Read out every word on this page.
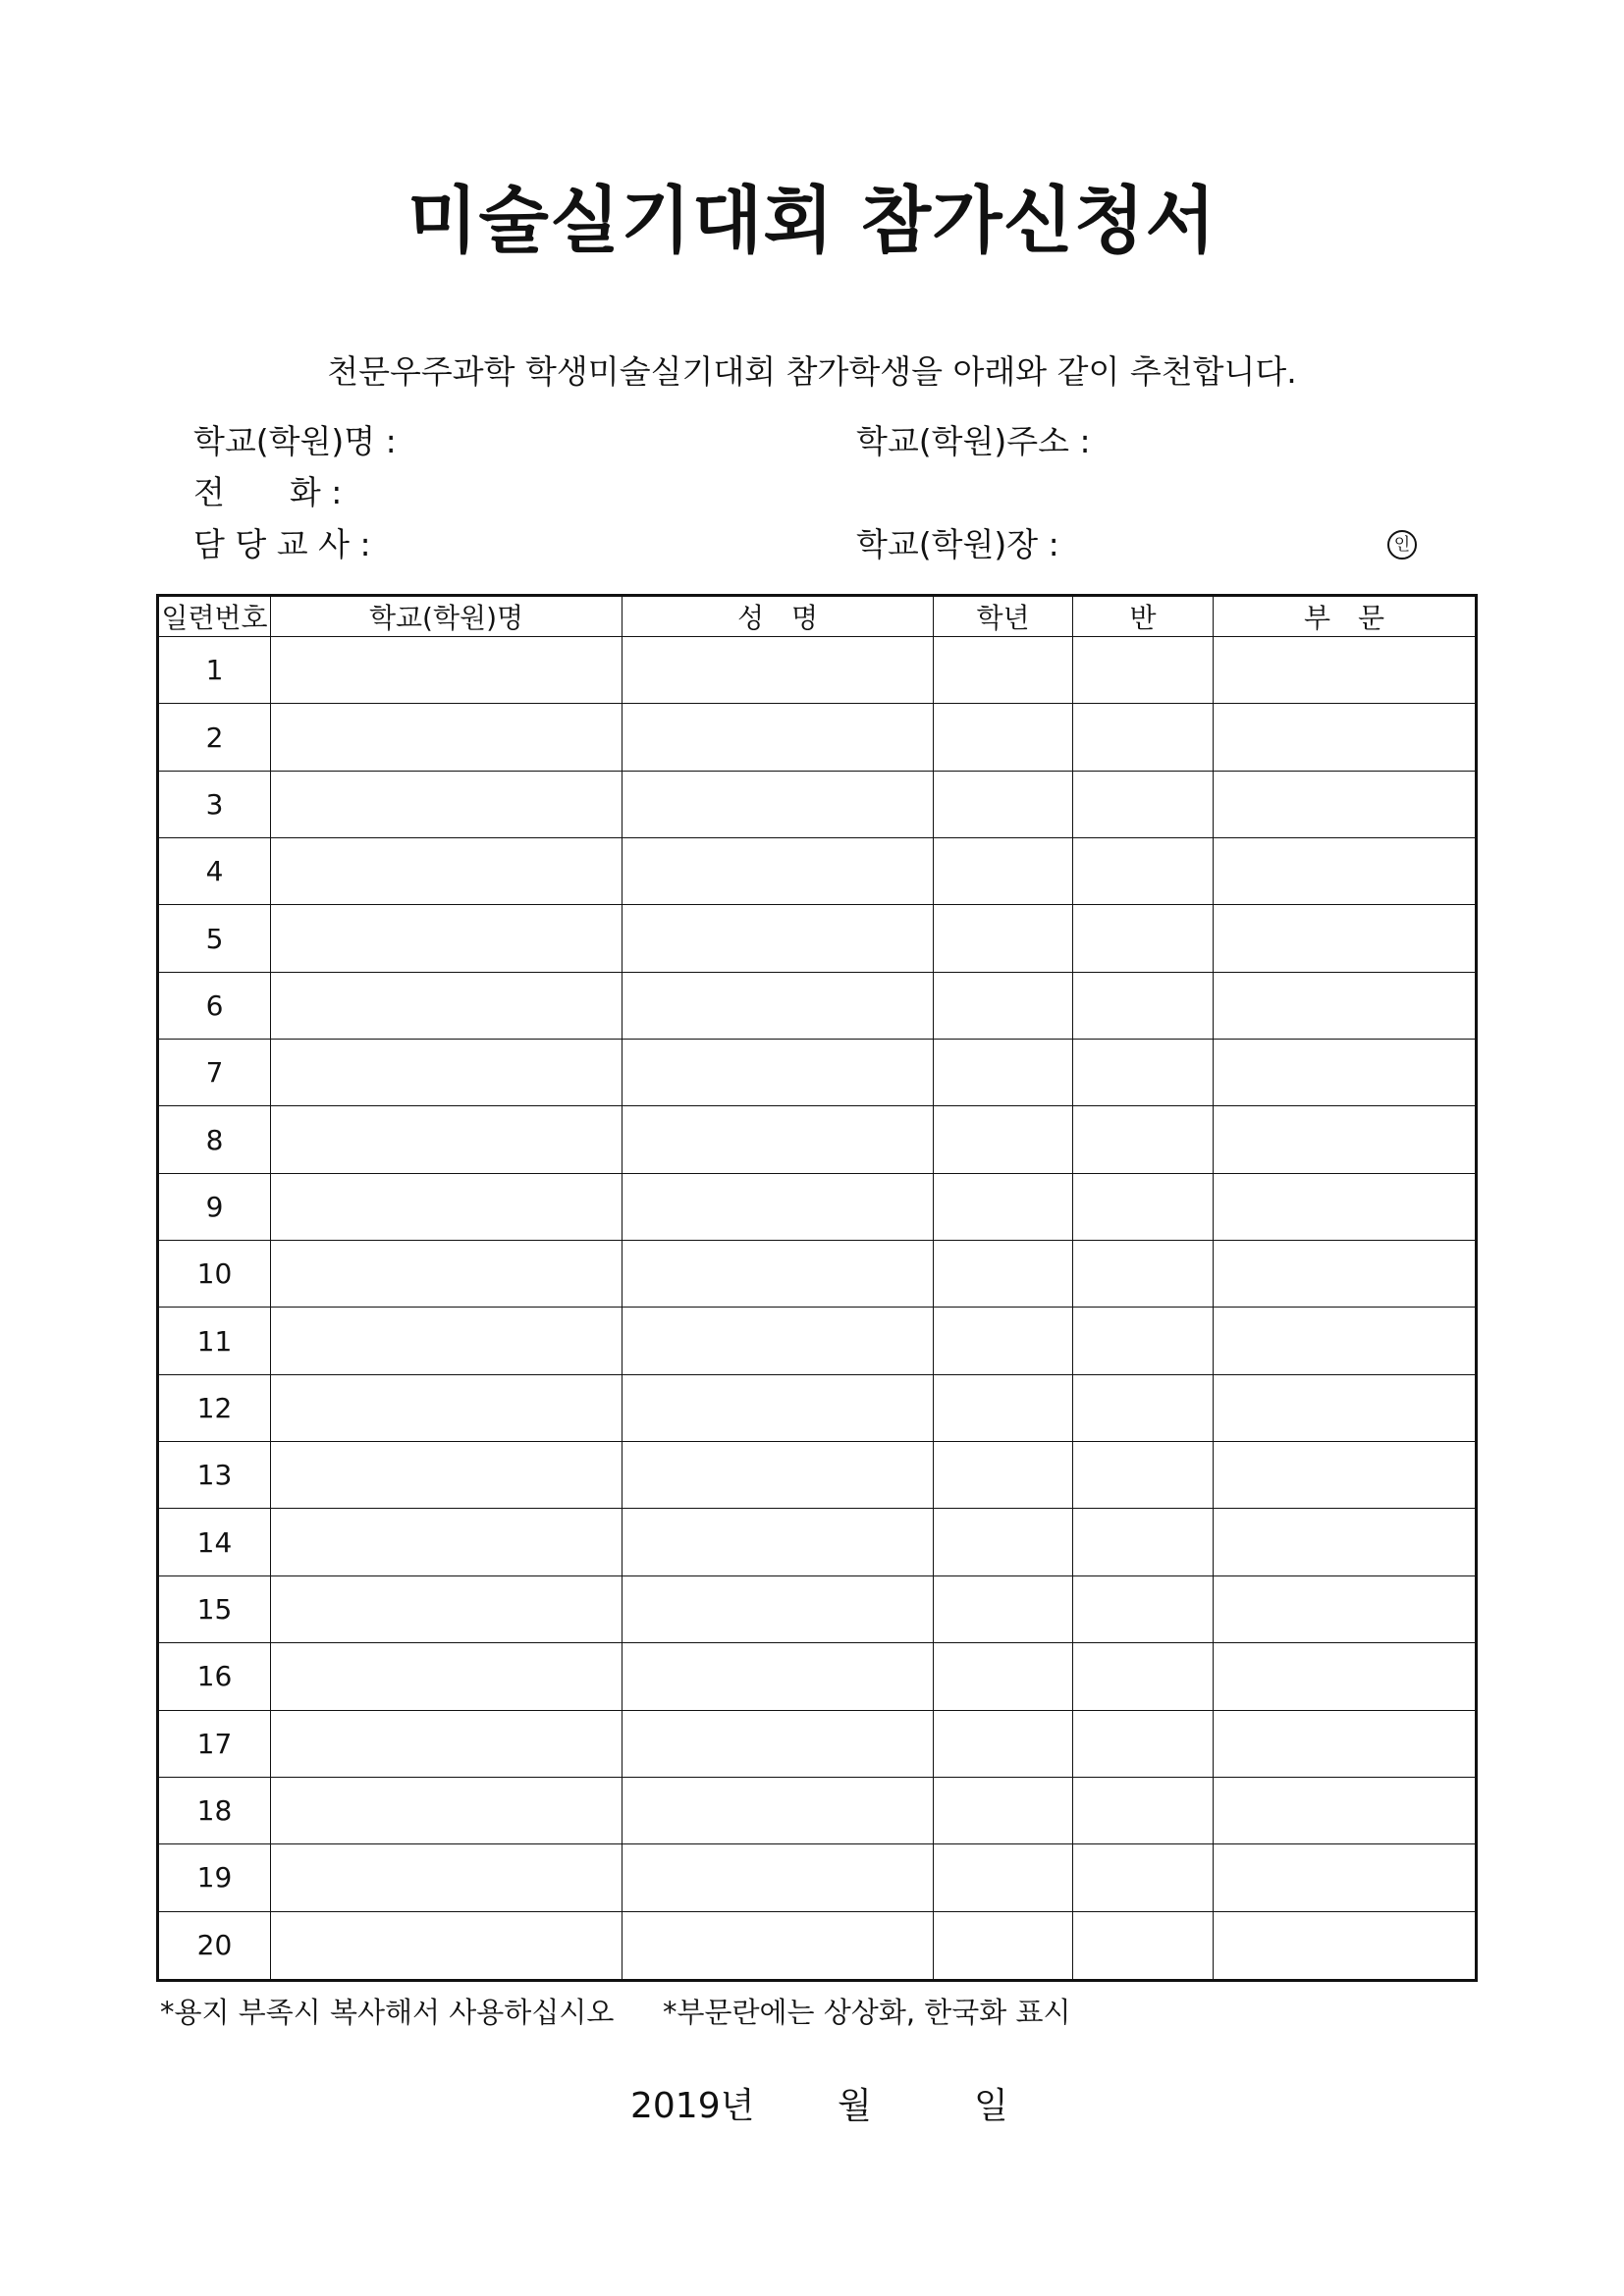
미술실기대회 참가신청서
천문우주과학 학생미술실기대회 참가학생을 아래와 같이 추천합니다.
학교(학원)명 :	학교(학원)주소 :
전　　화 :
담 당 교 사 :	학교(학원)장 :	인
일련번호	학교(학원)명	성　명	학년	반	부　문
1					
2					
3					
4					
5					
6					
7					
8					
9					
10					
11					
12					
13					
14					
15					
16					
17					
18					
19					
20					
*용지 부족시 복사해서 사용하십시오 *부문란에는 상상화, 한국화 표시
2019년 월	일
